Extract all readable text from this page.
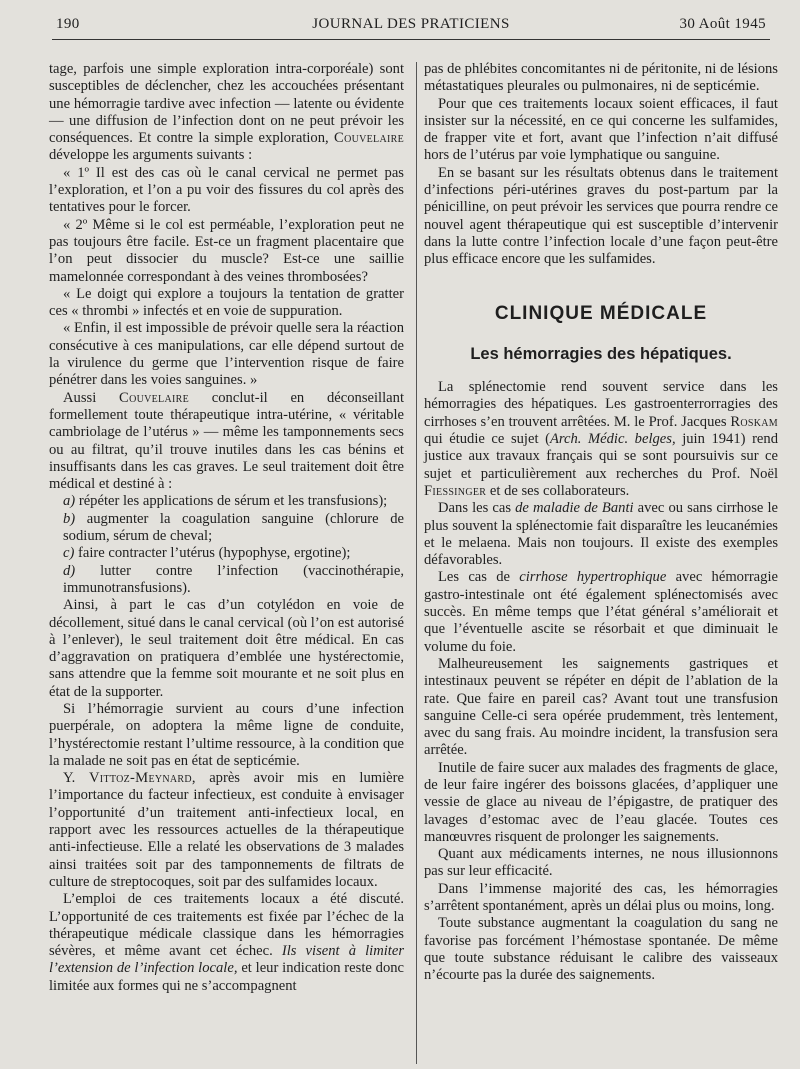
190	JOURNAL DES PRATICIENS	30 Août 1945

tage, parfois une simple exploration intra-corporéale) sont susceptibles de déclencher, chez les accouchées présentant une hémorragie tardive avec infection — latente ou évidente — une diffusion de l’infection dont on ne peut prévoir les conséquences. Et contre la simple exploration, Couvelaire développe les arguments suivants :

« 1º Il est des cas où le canal cervical ne permet pas l’exploration, et l’on a pu voir des fissures du col après des tentatives pour le forcer.

« 2º Même si le col est perméable, l’exploration peut ne pas toujours être facile. Est-ce un fragment placentaire que l’on peut dissocier du muscle? Est-ce une saillie mamelonnée correspondant à des veines thrombosées?

« Le doigt qui explore a toujours la tentation de gratter ces « thrombi » infectés et en voie de suppuration.

« Enfin, il est impossible de prévoir quelle sera la réaction consécutive à ces manipulations, car elle dépend surtout de la virulence du germe que l’intervention risque de faire pénétrer dans les voies sanguines. »

Aussi Couvelaire conclut-il en déconseillant formellement toute thérapeutique intra-utérine, « véritable cambriolage de l’utérus » — même les tamponnements secs ou au filtrat, qu’il trouve inutiles dans les cas bénins et insuffisants dans les cas graves. Le seul traitement doit être médical et destiné à :

a) répéter les applications de sérum et les transfusions);

b) augmenter la coagulation sanguine (chlorure de sodium, sérum de cheval;

c) faire contracter l’utérus (hypophyse, ergotine);

d) lutter contre l’infection (vaccinothérapie, immunotransfusions).

Ainsi, à part le cas d’un cotylédon en voie de décollement, situé dans le canal cervical (où l’on est autorisé à l’enlever), le seul traitement doit être médical. En cas d’aggravation on pratiquera d’emblée une hystérectomie, sans attendre que la femme soit mourante et ne soit plus en état de la supporter.

Si l’hémorragie survient au cours d’une infection puerpérale, on adoptera la même ligne de conduite, l’hystérectomie restant l’ultime ressource, à la condition que la malade ne soit pas en état de septicémie.

Y. Vittoz-Meynard, après avoir mis en lumière l’importance du facteur infectieux, est conduite à envisager l’opportunité d’un traitement anti-infectieux local, en rapport avec les ressources actuelles de la thérapeutique anti-infectieuse. Elle a relaté les observations de 3 malades ainsi traitées soit par des tamponnements de filtrats de culture de streptocoques, soit par des sulfamides locaux.

L’emploi de ces traitements locaux a été discuté. L’opportunité de ces traitements est fixée par l’échec de la thérapeutique médicale classique dans les hémorragies sévères, et même avant cet échec. Ils visent à limiter l’extension de l’infection locale, et leur indication reste donc limitée aux formes qui ne s’accompagnent

pas de phlébites concomitantes ni de péritonite, ni de lésions métastatiques pleurales ou pulmonaires, ni de septicémie.

Pour que ces traitements locaux soient efficaces, il faut insister sur la nécessité, en ce qui concerne les sulfamides, de frapper vite et fort, avant que l’infection n’ait diffusé hors de l’utérus par voie lymphatique ou sanguine.

En se basant sur les résultats obtenus dans le traitement d’infections péri-utérines graves du post-partum par la pénicilline, on peut prévoir les services que pourra rendre ce nouvel agent thérapeutique qui est susceptible d’intervenir dans la lutte contre l’infection locale d’une façon peut-être plus efficace encore que les sulfamides.

CLINIQUE MÉDICALE

Les hémorragies des hépatiques.

La splénectomie rend souvent service dans les hémorragies des hépatiques. Les gastroenterrorragies des cirrhoses s’en trouvent arrêtées. M. le Prof. Jacques Roskam qui étudie ce sujet (Arch. Médic. belges, juin 1941) rend justice aux travaux français qui se sont poursuivis sur ce sujet et particulièrement aux recherches du Prof. Noël Fiessinger et de ses collaborateurs.

Dans les cas de maladie de Banti avec ou sans cirrhose le plus souvent la splénectomie fait disparaître les leucanémies et le melaena. Mais non toujours. Il existe des exemples défavorables.

Les cas de cirrhose hypertrophique avec hémorragie gastro-intestinale ont été également splénectomisés avec succès. En même temps que l’état général s’améliorait et que l’éventuelle ascite se résorbait et que diminuait le volume du foie.

Malheureusement les saignements gastriques et intestinaux peuvent se répéter en dépit de l’ablation de la rate. Que faire en pareil cas? Avant tout une transfusion sanguine Celle-ci sera opérée prudemment, très lentement, avec du sang frais. Au moindre incident, la transfusion sera arrêtée.

Inutile de faire sucer aux malades des fragments de glace, de leur faire ingérer des boissons glacées, d’appliquer une vessie de glace au niveau de l’épigastre, de pratiquer des lavages d’estomac avec de l’eau glacée. Toutes ces manœuvres risquent de prolonger les saignements.

Quant aux médicaments internes, ne nous illusionnons pas sur leur efficacité.

Dans l’immense majorité des cas, les hémorragies s’arrêtent spontanément, après un délai plus ou moins, long.

Toute substance augmentant la coagulation du sang ne favorise pas forcément l’hémostase spontanée. De même que toute substance réduisant le calibre des vaisseaux n’écourte pas la durée des saignements.
